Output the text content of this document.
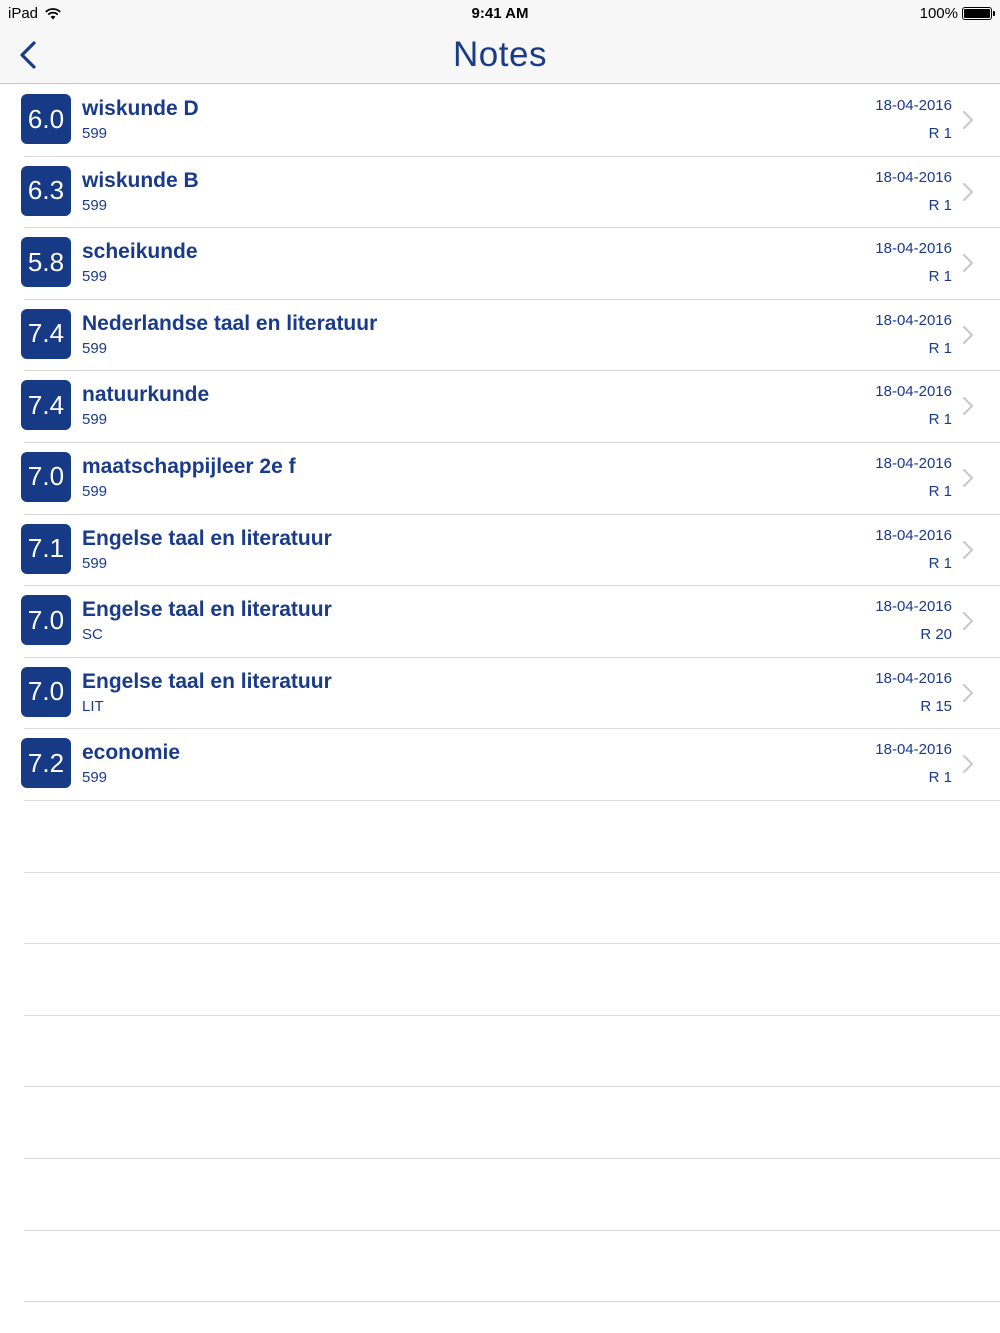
iPad	9:41 AM	100%
Notes
6.0 wiskunde D
599
18-04-2016
R 1
6.3 wiskunde B
599
18-04-2016
R 1
5.8 scheikunde
599
18-04-2016
R 1
7.4 Nederlandse taal en literatuur
599
18-04-2016
R 1
7.4 natuurkunde
599
18-04-2016
R 1
7.0 maatschappijleer 2e f
599
18-04-2016
R 1
7.1 Engelse taal en literatuur
599
18-04-2016
R 1
7.0 Engelse taal en literatuur
SC
18-04-2016
R 20
7.0 Engelse taal en literatuur
LIT
18-04-2016
R 15
7.2 economie
599
18-04-2016
R 1
